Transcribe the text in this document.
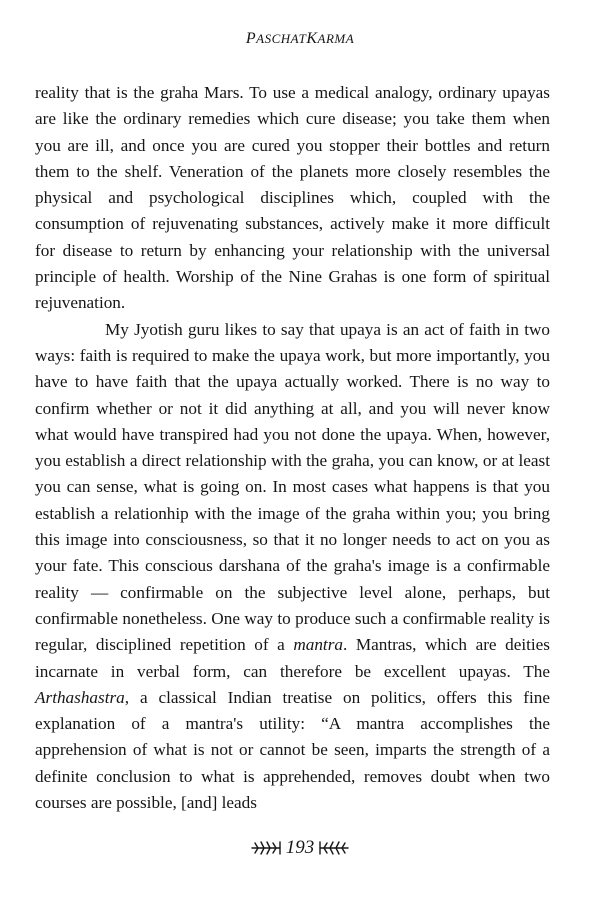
PASCHATKARMA

reality that is the graha Mars. To use a medical analogy, ordinary upayas are like the ordinary remedies which cure disease; you take them when you are ill, and once you are cured you stopper their bottles and return them to the shelf. Veneration of the planets more closely resembles the physical and psychological disciplines which, coupled with the consumption of rejuvenating substances, actively make it more difficult for disease to return by enhancing your relationship with the universal principle of health. Worship of the Nine Grahas is one form of spiritual rejuvenation.

My Jyotish guru likes to say that upaya is an act of faith in two ways: faith is required to make the upaya work, but more importantly, you have to have faith that the upaya actually worked. There is no way to confirm whether or not it did anything at all, and you will never know what would have transpired had you not done the upaya. When, however, you establish a direct relationship with the graha, you can know, or at least you can sense, what is going on. In most cases what happens is that you establish a relationhip with the image of the graha within you; you bring this image into consciousness, so that it no longer needs to act on you as your fate. This conscious darshana of the graha's image is a confirmable reality — confirmable on the subjective level alone, perhaps, but confirmable nonetheless. One way to produce such a confirmable reality is regular, disciplined repetition of a mantra. Mantras, which are deities incarnate in verbal form, can therefore be excellent upayas. The Arthashastra, a classical Indian treatise on politics, offers this fine explanation of a mantra's utility: “A mantra accomplishes the apprehension of what is not or cannot be seen, imparts the strength of a definite conclusion to what is apprehended, removes doubt when two courses are possible, [and] leads

193
